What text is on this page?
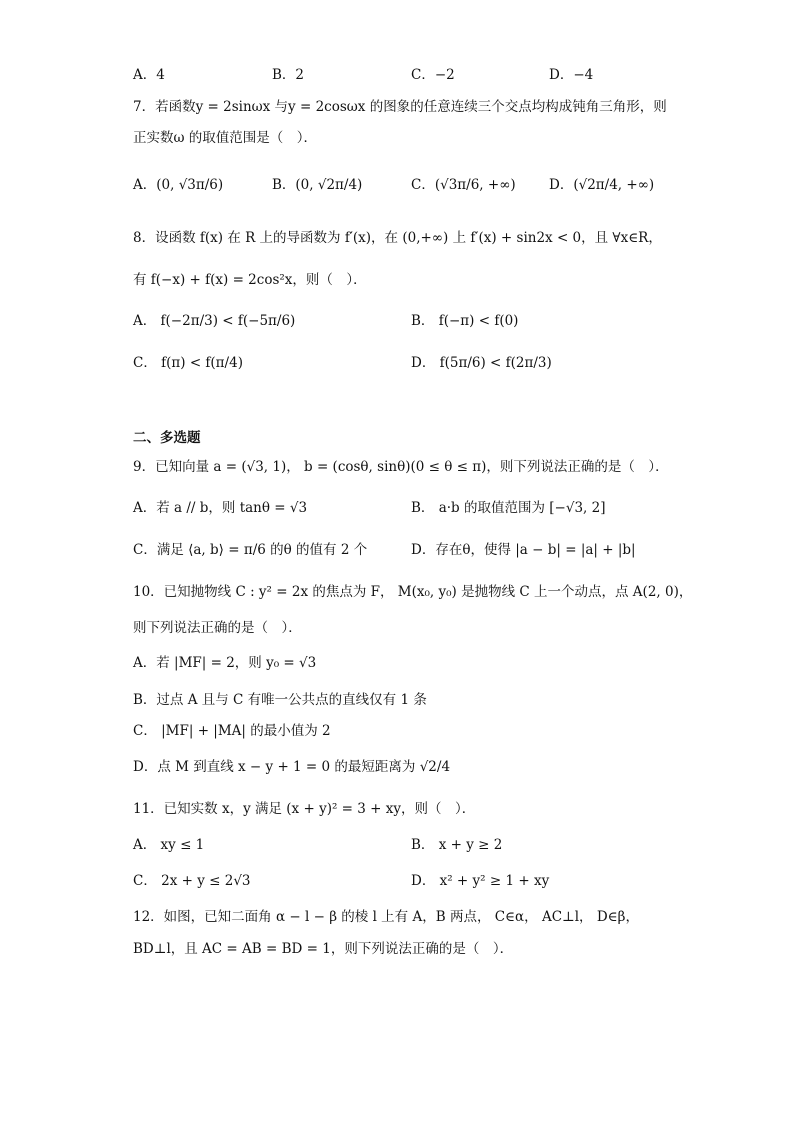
A．4	B．2	C．−2	D．−4
7．若函数y = 2sinωx 与y = 2cosωx 的图象的任意连续三个交点均构成钝角三角形，则
正实数ω 的取值范围是（　）．
A．(0, √3π/6)	B．(0, √2π/4)	C．(√3π/6, +∞) D．(√2π/4, +∞)
8．设函数 f(x) 在 R 上的导函数为 f′(x)，在 (0,+∞) 上 f′(x) + sin2x < 0，且 ∀x∈R，
有 f(−x) + f(x) = 2cos²x，则（　）．
A． f(−2π/3) < f(−5π/6)	B． f(−π) < f(0)
C． f(π) < f(π/4)	D． f(5π/6) < f(2π/3)
二、多选题
9．已知向量 a = (√3, 1)， b = (cosθ, sinθ)(0 ≤ θ ≤ π)，则下列说法正确的是（　）．
A．若 a // b，则 tanθ = √3	B． a·b 的取值范围为 [−√3, 2]
C．满足 ⟨a, b⟩ = π/6 的θ 的值有 2 个	D．存在θ，使得 |a − b| = |a| + |b|
10．已知抛物线 C : y² = 2x 的焦点为 F， M(x₀, y₀) 是抛物线 C 上一个动点，点 A(2, 0)，
则下列说法正确的是（　）．
A．若 |MF| = 2，则 y₀ = √3
B．过点 A 且与 C 有唯一公共点的直线仅有 1 条
C． |MF| + |MA| 的最小值为 2
D．点 M 到直线 x − y + 1 = 0 的最短距离为 √2/4
11．已知实数 x，y 满足 (x + y)² = 3 + xy，则（　）．
A． xy ≤ 1	B． x + y ≥ 2
C． 2x + y ≤ 2√3	D． x² + y² ≥ 1 + xy
12．如图，已知二面角 α − l − β 的棱 l 上有 A，B 两点， C∈α， AC⊥l， D∈β，
BD⊥l，且 AC = AB = BD = 1，则下列说法正确的是（　）．
